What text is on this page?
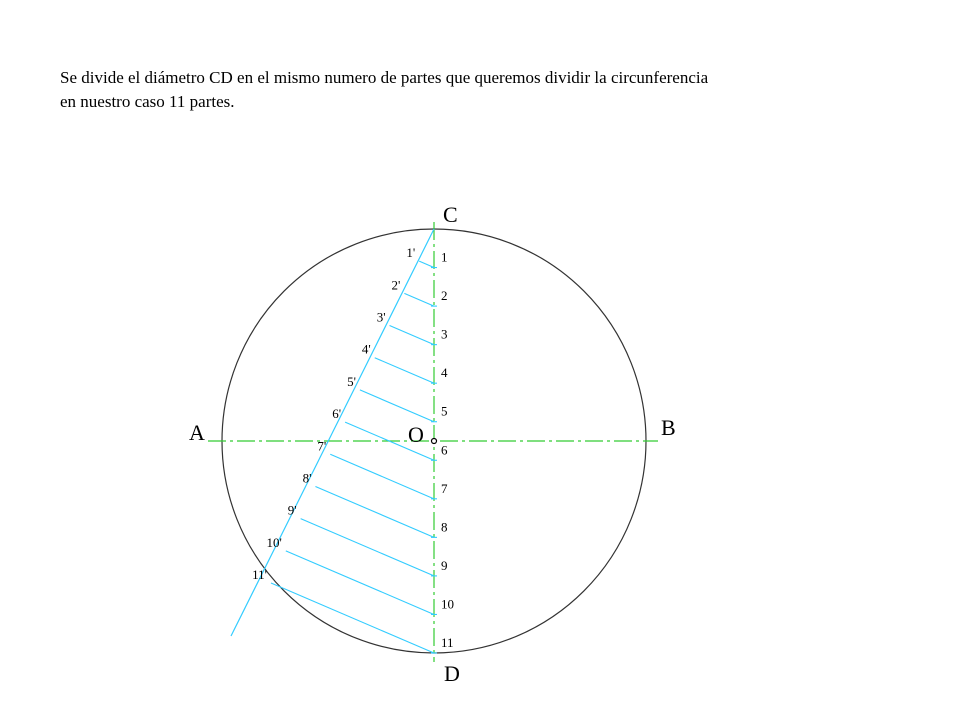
Se divide el diámetro CD en el mismo numero de partes que queremos dividir la circunferencia
en nuestro caso 11 partes.

C
D
A	B
O
1
2
3
4
5
6
7
8
9
10
11
1'
2'
3'
4'
5'
6'
7'
8'
9'
10'
11'
